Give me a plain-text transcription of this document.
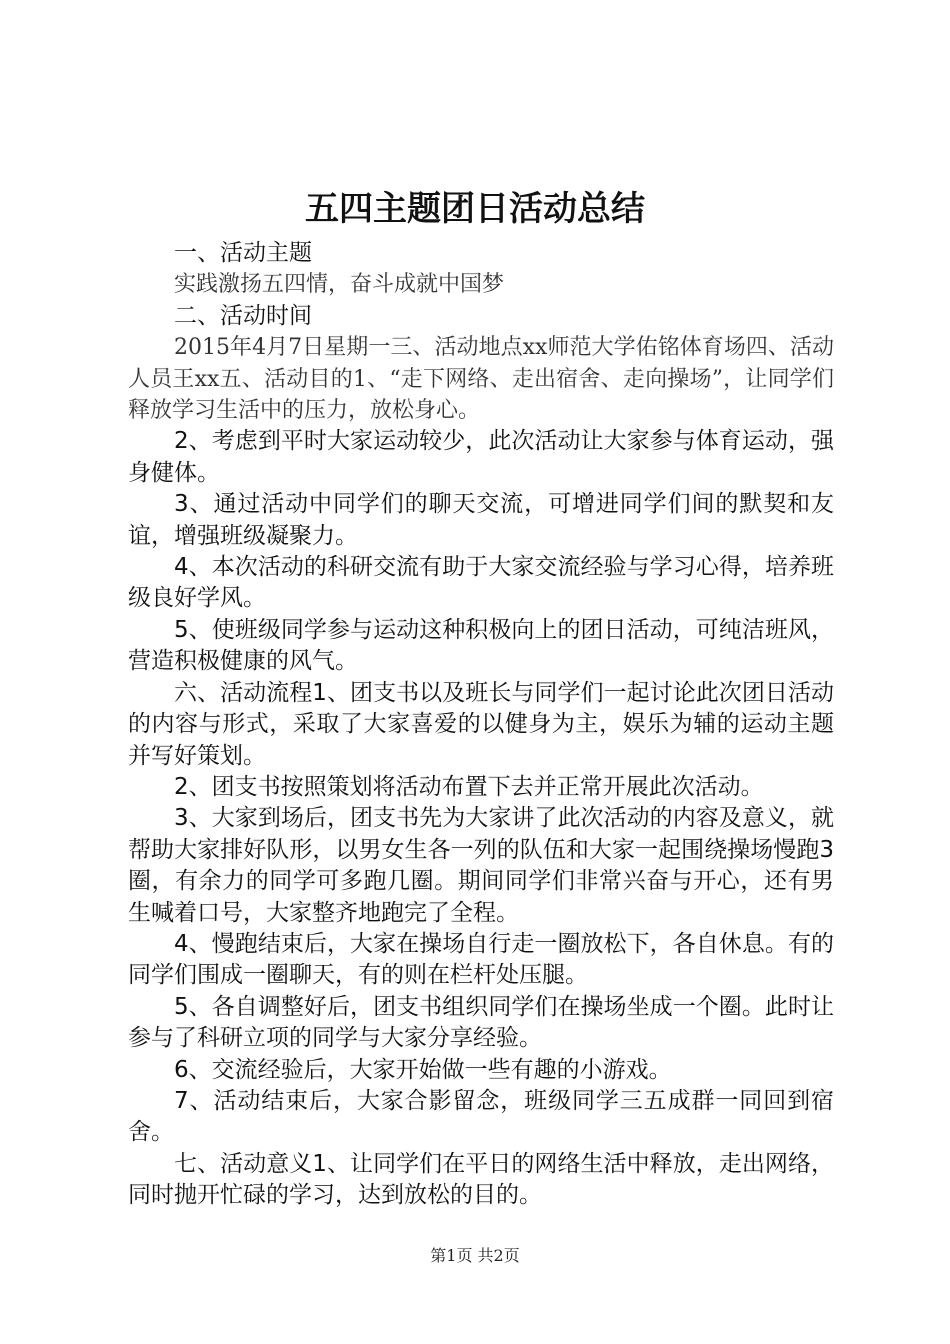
五四主题团日活动总结

一、活动主题

实践激扬五四情，奋斗成就中国梦

二、活动时间

2015年4月7日星期一三、活动地点xx师范大学佑铭体育场四、活动人员王xx五、活动目的1、“走下网络、走出宿舍、走向操场”，让同学们释放学习生活中的压力，放松身心。

2、考虑到平时大家运动较少，此次活动让大家参与体育运动，强身健体。

3、通过活动中同学们的聊天交流，可增进同学们间的默契和友谊，增强班级凝聚力。

4、本次活动的科研交流有助于大家交流经验与学习心得，培养班级良好学风。

5、使班级同学参与运动这种积极向上的团日活动，可纯洁班风，营造积极健康的风气。

六、活动流程1、团支书以及班长与同学们一起讨论此次团日活动的内容与形式，采取了大家喜爱的以健身为主，娱乐为辅的运动主题并写好策划。

2、团支书按照策划将活动布置下去并正常开展此次活动。

3、大家到场后，团支书先为大家讲了此次活动的内容及意义，就帮助大家排好队形，以男女生各一列的队伍和大家一起围绕操场慢跑3圈，有余力的同学可多跑几圈。期间同学们非常兴奋与开心，还有男生喊着口号，大家整齐地跑完了全程。

4、慢跑结束后，大家在操场自行走一圈放松下，各自休息。有的同学们围成一圈聊天，有的则在栏杆处压腿。

5、各自调整好后，团支书组织同学们在操场坐成一个圈。此时让参与了科研立项的同学与大家分享经验。

6、交流经验后，大家开始做一些有趣的小游戏。

7、活动结束后，大家合影留念，班级同学三五成群一同回到宿舍。

七、活动意义1、让同学们在平日的网络生活中释放，走出网络，同时抛开忙碌的学习，达到放松的目的。

第1页 共2页
